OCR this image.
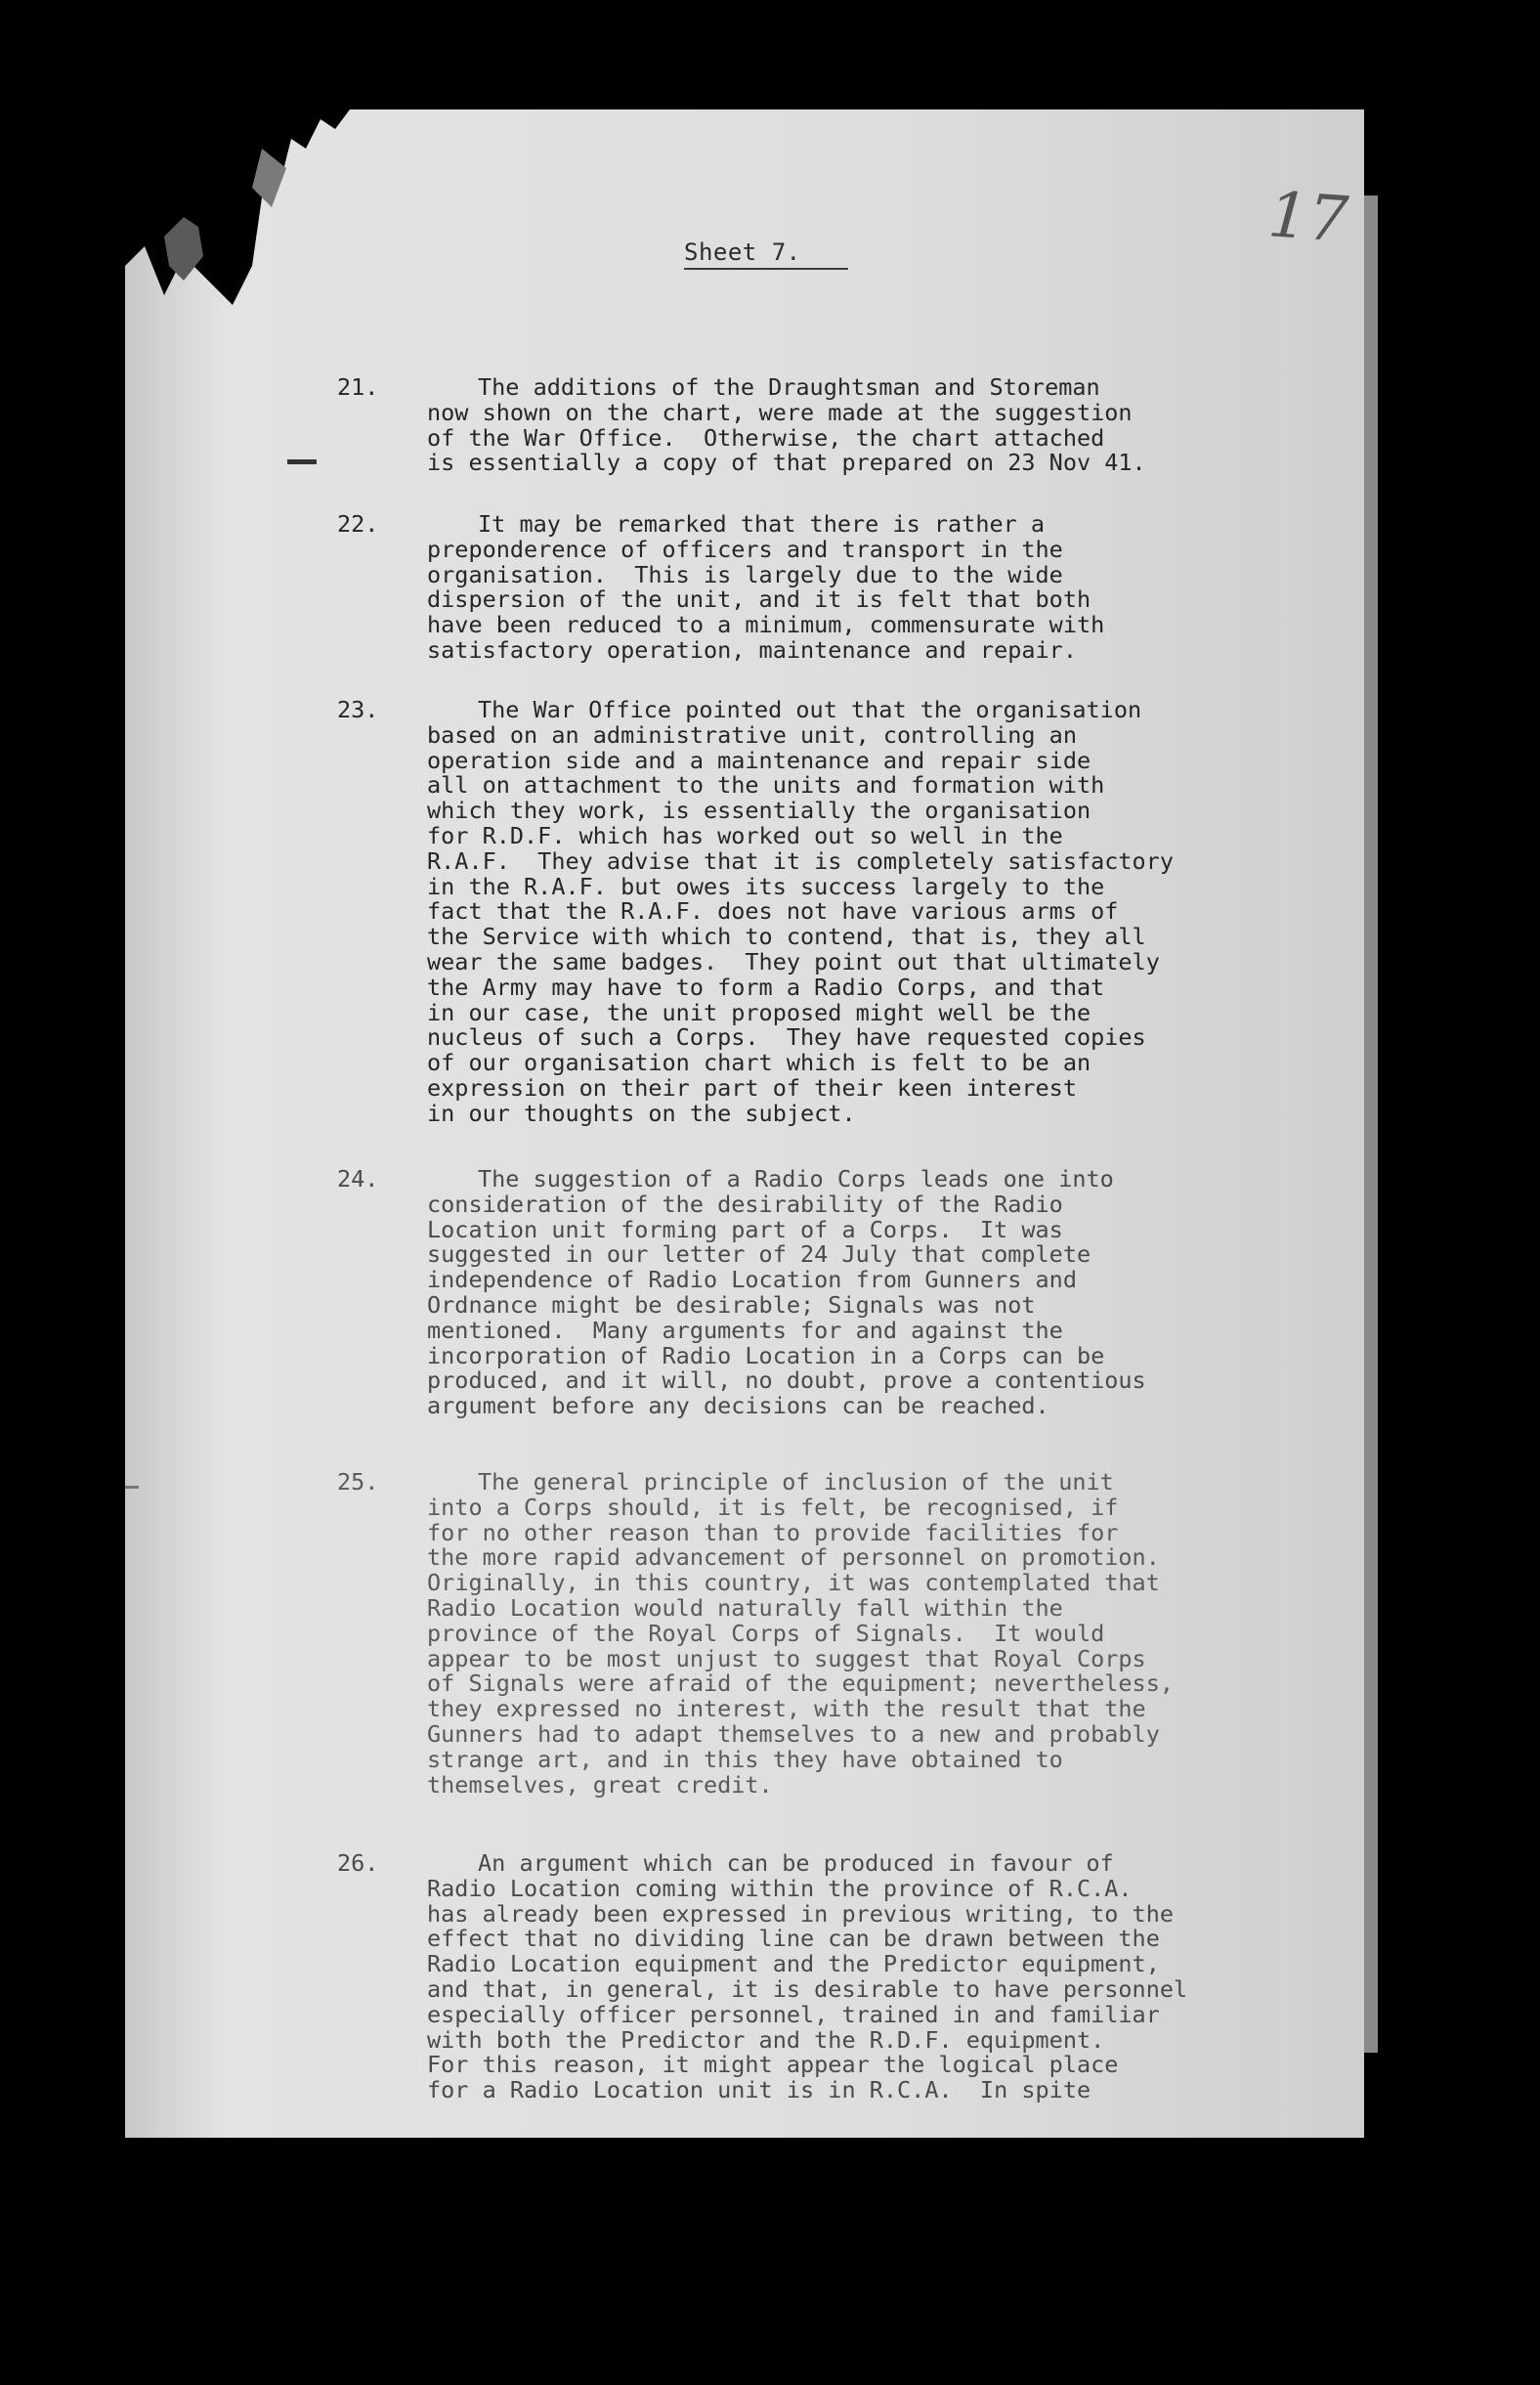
17
Sheet 7.
21.	The additions of the Draughtsman and Storeman
now shown on the chart, were made at the suggestion
of the War Office.  Otherwise, the chart attached
is essentially a copy of that prepared on 23 Nov 41.
22.	It may be remarked that there is rather a
preponderence of officers and transport in the
organisation.  This is largely due to the wide
dispersion of the unit, and it is felt that both
have been reduced to a minimum, commensurate with
satisfactory operation, maintenance and repair.
23.	The War Office pointed out that the organisation
based on an administrative unit, controlling an
operation side and a maintenance and repair side
all on attachment to the units and formation with
which they work, is essentially the organisation
for R.D.F. which has worked out so well in the
R.A.F.  They advise that it is completely satisfactory
in the R.A.F. but owes its success largely to the
fact that the R.A.F. does not have various arms of
the Service with which to contend, that is, they all
wear the same badges.  They point out that ultimately
the Army may have to form a Radio Corps, and that
in our case, the unit proposed might well be the
nucleus of such a Corps.  They have requested copies
of our organisation chart which is felt to be an
expression on their part of their keen interest
in our thoughts on the subject.
24.	The suggestion of a Radio Corps leads one into
consideration of the desirability of the Radio
Location unit forming part of a Corps.  It was
suggested in our letter of 24 July that complete
independence of Radio Location from Gunners and
Ordnance might be desirable; Signals was not
mentioned.  Many arguments for and against the
incorporation of Radio Location in a Corps can be
produced, and it will, no doubt, prove a contentious
argument before any decisions can be reached.
25.	The general principle of inclusion of the unit
into a Corps should, it is felt, be recognised, if
for no other reason than to provide facilities for
the more rapid advancement of personnel on promotion.
Originally, in this country, it was contemplated that
Radio Location would naturally fall within the
province of the Royal Corps of Signals.  It would
appear to be most unjust to suggest that Royal Corps
of Signals were afraid of the equipment; nevertheless,
they expressed no interest, with the result that the
Gunners had to adapt themselves to a new and probably
strange art, and in this they have obtained to
themselves, great credit.
26.	An argument which can be produced in favour of
Radio Location coming within the province of R.C.A.
has already been expressed in previous writing, to the
effect that no dividing line can be drawn between the
Radio Location equipment and the Predictor equipment,
and that, in general, it is desirable to have personnel
especially officer personnel, trained in and familiar
with both the Predictor and the R.D.F. equipment.
For this reason, it might appear the logical place
for a Radio Location unit is in R.C.A.  In spite
